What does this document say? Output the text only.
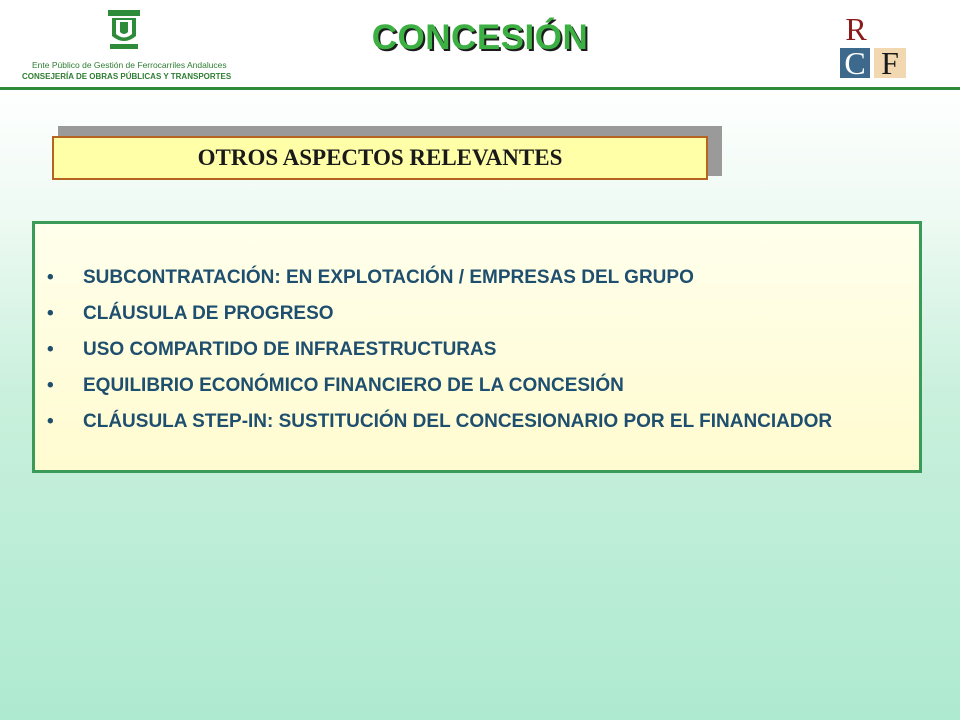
Ente Público de Gestión de Ferrocarriles Andaluces
CONSEJERÍA DE OBRAS PÚBLICAS Y TRANSPORTES
CONCESIÓN	R
C F
OTROS ASPECTOS RELEVANTES
• SUBCONTRATACIÓN: EN EXPLOTACIÓN / EMPRESAS DEL GRUPO
• CLÁUSULA DE PROGRESO
• USO COMPARTIDO DE INFRAESTRUCTURAS
• EQUILIBRIO ECONÓMICO FINANCIERO DE LA CONCESIÓN
• CLÁUSULA STEP-IN: SUSTITUCIÓN DEL CONCESIONARIO POR EL FINANCIADOR
